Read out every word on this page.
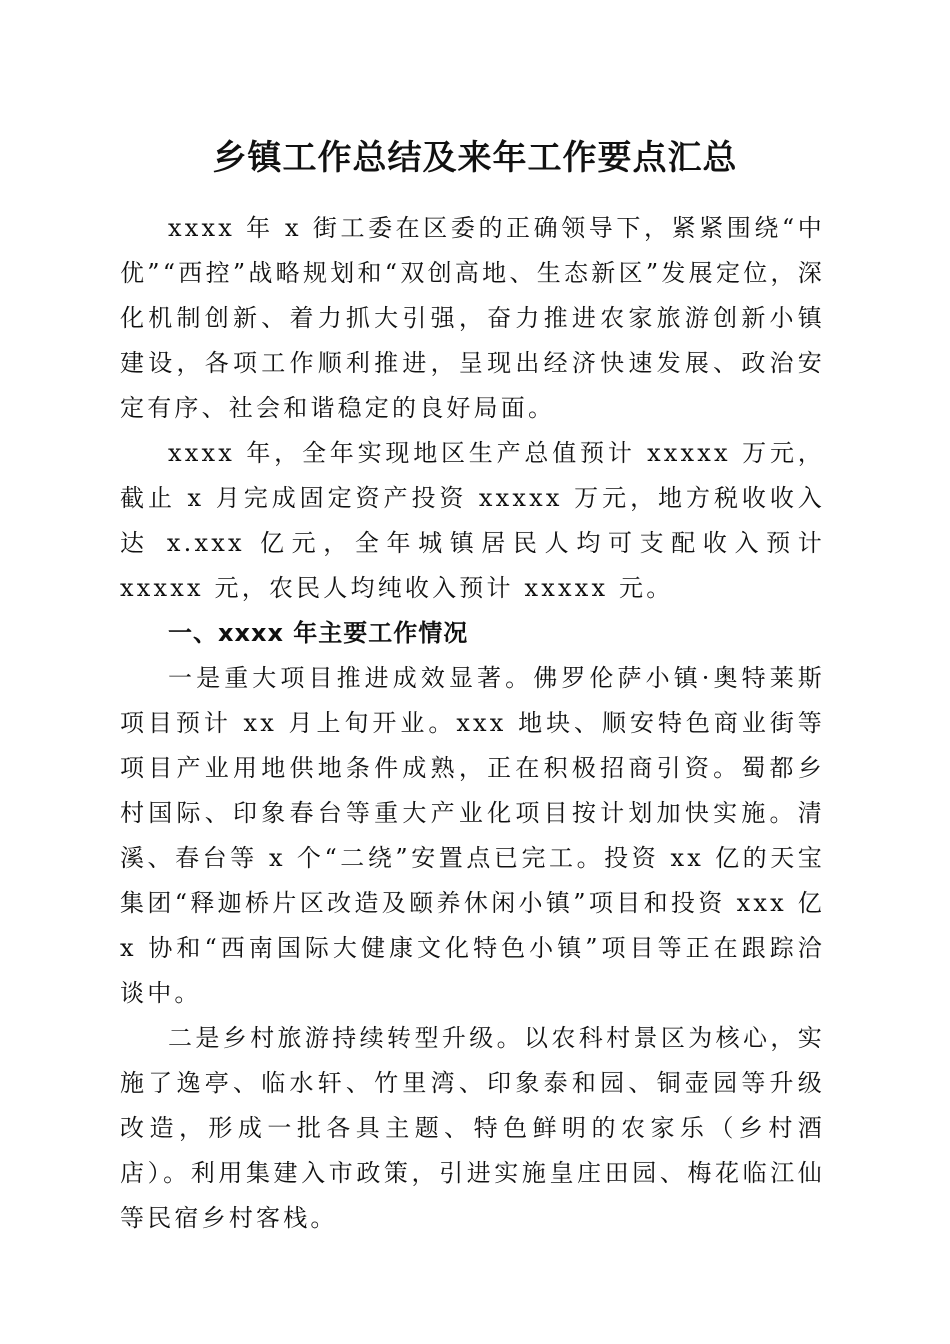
乡镇工作总结及来年工作要点汇总

xxxx 年 x 街工委在区委的正确领导下，紧紧围绕“中优”“西控”战略规划和“双创高地、生态新区”发展定位，深化机制创新、着力抓大引强，奋力推进农家旅游创新小镇建设，各项工作顺利推进，呈现出经济快速发展、政治安定有序、社会和谐稳定的良好局面。

xxxx 年，全年实现地区生产总值预计 xxxxx 万元，截止 x 月完成固定资产投资 xxxxx 万元，地方税收收入达 x.xxx 亿元，全年城镇居民人均可支配收入预计 xxxxx 元，农民人均纯收入预计 xxxxx 元。

一、xxxx 年主要工作情况

一是重大项目推进成效显著。佛罗伦萨小镇·奥特莱斯项目预计 xx 月上旬开业。xxx 地块、顺安特色商业街等项目产业用地供地条件成熟，正在积极招商引资。蜀都乡村国际、印象春台等重大产业化项目按计划加快实施。清溪、春台等 x 个“二绕”安置点已完工。投资 xx 亿的天宝集团“释迦桥片区改造及颐养休闲小镇”项目和投资 xxx 亿 x 协和“西南国际大健康文化特色小镇”项目等正在跟踪洽谈中。

二是乡村旅游持续转型升级。以农科村景区为核心，实施了逸亭、临水轩、竹里湾、印象泰和园、铜壶园等升级改造，形成一批各具主题、特色鲜明的农家乐（乡村酒店）。利用集建入市政策，引进实施皇庄田园、梅花临江仙等民宿乡村客栈。
